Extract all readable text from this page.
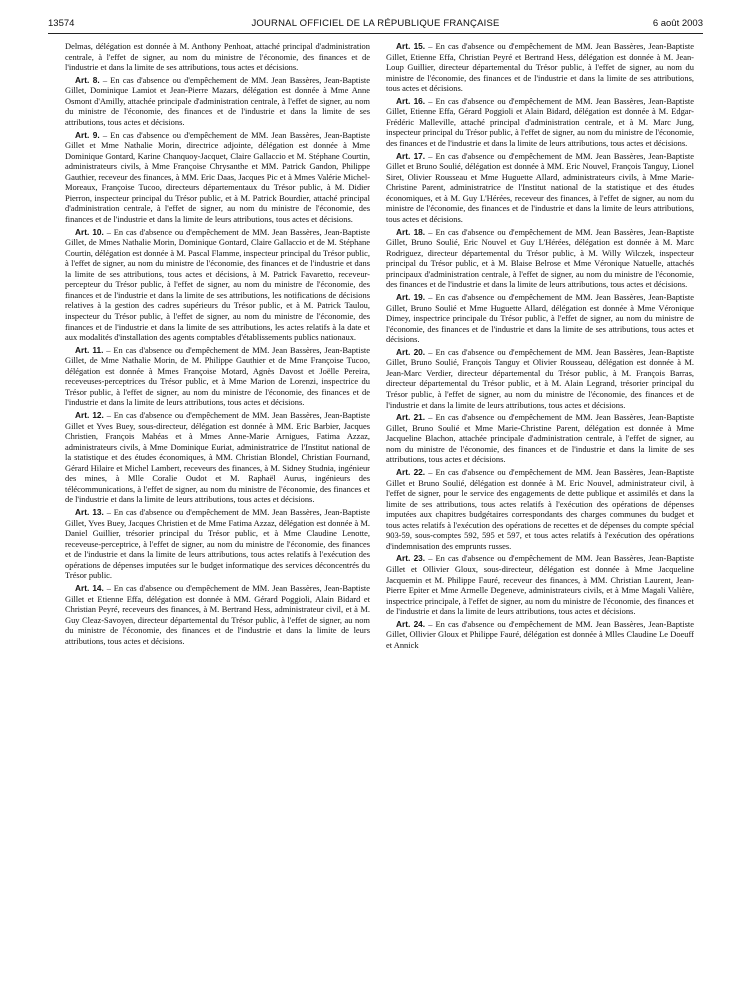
13574	JOURNAL OFFICIEL DE LA RÉPUBLIQUE FRANÇAISE	6 août 2003

Delmas, délégation est donnée à M. Anthony Penhoat, attaché principal d'administration centrale, à l'effet de signer, au nom du ministre de l'économie, des finances et de l'industrie et dans la limite de ses attributions, tous actes et décisions.

Art. 8. – En cas d'absence ou d'empêchement de MM. Jean Bassères, Jean-Baptiste Gillet, Dominique Lamiot et Jean-Pierre Mazars, délégation est donnée à Mme Anne Osmont d'Amilly, attachée principale d'administration centrale, à l'effet de signer, au nom du ministre de l'économie, des finances et de l'industrie et dans la limite de ses attributions, tous actes et décisions.

Art. 9. – En cas d'absence ou d'empêchement de MM. Jean Bassères, Jean-Baptiste Gillet et Mme Nathalie Morin, directrice adjointe, délégation est donnée à Mme Dominique Gontard, Karine Chanquoy-Jacquet, Claire Gallaccio et M. Stéphane Courtin, administrateurs civils, à Mme Françoise Chrysanthe et MM. Patrick Gandon, Philippe Gauthier, receveur des finances, à MM. Eric Daas, Jacques Pic et à Mmes Valérie Michel-Moreaux, Françoise Tucoo, directeurs départementaux du Trésor public, à M. Didier Pierron, inspecteur principal du Trésor public, et à M. Patrick Bourdier, attaché principal d'administration centrale, à l'effet de signer, au nom du ministre de l'économie, des finances et de l'industrie et dans la limite de leurs attributions, tous actes et décisions.

Art. 10. – En cas d'absence ou d'empêchement de MM. Jean Bassères, Jean-Baptiste Gillet, de Mmes Nathalie Morin, Dominique Gontard, Claire Gallaccio et de M. Stéphane Courtin, délégation est donnée à M. Pascal Flamme, inspecteur principal du Trésor public, à l'effet de signer, au nom du ministre de l'économie, des finances et de l'industrie et dans la limite de ses attributions, tous actes et décisions, à M. Patrick Favaretto, receveur-percepteur du Trésor public, à l'effet de signer, au nom du ministre de l'économie, des finances et de l'industrie et dans la limite de ses attributions, les notifications de décisions relatives à la gestion des cadres supérieurs du Trésor public, et à M. Patrick Taulou, inspecteur du Trésor public, à l'effet de signer, au nom du ministre de l'économie, des finances et de l'industrie et dans la limite de ses attributions, les actes relatifs à la date et aux modalités d'installation des agents comptables d'établissements publics nationaux.

Art. 11. – En cas d'absence ou d'empêchement de MM. Jean Bassères, Jean-Baptiste Gillet, de Mme Nathalie Morin, de M. Philippe Gauthier et de Mme Françoise Tucoo, délégation est donnée à Mmes Françoise Motard, Agnès Davost et Joëlle Pereira, receveuses-perceptrices du Trésor public, et à Mme Marion de Lorenzi, inspectrice du Trésor public, à l'effet de signer, au nom du ministre de l'économie, des finances et de l'industrie et dans la limite de leurs attributions, tous actes et décisions.

Art. 12. – En cas d'absence ou d'empêchement de MM. Jean Bassères, Jean-Baptiste Gillet et Yves Buey, sous-directeur, délégation est donnée à MM. Eric Barbier, Jacques Christien, François Mahéas et à Mmes Anne-Marie Arnigues, Fatima Azzaz, administrateurs civils, à Mme Dominique Euriat, administratrice de l'Institut national de la statistique et des études économiques, à MM. Christian Blondel, Christian Fournand, Gérard Hilaire et Michel Lambert, receveurs des finances, à M. Sidney Studnia, ingénieur des mines, à Mlle Coralie Oudot et M. Raphaël Aurus, ingénieurs des télécommunications, à l'effet de signer, au nom du ministre de l'économie, des finances et de l'industrie et dans la limite de leurs attributions, tous actes et décisions.

Art. 13. – En cas d'absence ou d'empêchement de MM. Jean Bassères, Jean-Baptiste Gillet, Yves Buey, Jacques Christien et de Mme Fatima Azzaz, délégation est donnée à M. Daniel Guillier, trésorier principal du Trésor public, et à Mme Claudine Lenotte, receveuse-perceptrice, à l'effet de signer, au nom du ministre de l'économie, des finances et de l'industrie et dans la limite de leurs attributions, tous actes relatifs à l'exécution des opérations de dépenses imputées sur le budget informatique des services déconcentrés du Trésor public.

Art. 14. – En cas d'absence ou d'empêchement de MM. Jean Bassères, Jean-Baptiste Gillet et Etienne Effa, délégation est donnée à MM. Gérard Poggioli, Alain Bidard et Christian Peyré, receveurs des finances, à M. Bertrand Hess, administrateur civil, et à M. Guy Cleaz-Savoyen, directeur départemental du Trésor public, à l'effet de signer, au nom du ministre de l'économie, des finances et de l'industrie et dans la limite de leurs attributions, tous actes et décisions.

Art. 15. – En cas d'absence ou d'empêchement de MM. Jean Bassères, Jean-Baptiste Gillet, Etienne Effa, Christian Peyré et Bertrand Hess, délégation est donnée à M. Jean-Loup Guillier, directeur départemental du Trésor public, à l'effet de signer, au nom du ministre de l'économie, des finances et de l'industrie et dans la limite de ses attributions, tous actes et décisions.

Art. 16. – En cas d'absence ou d'empêchement de MM. Jean Bassères, Jean-Baptiste Gillet, Etienne Effa, Gérard Poggioli et Alain Bidard, délégation est donnée à M. Edgar-Frédéric Malleville, attaché principal d'administration centrale, et à M. Marc Jung, inspecteur principal du Trésor public, à l'effet de signer, au nom du ministre de l'économie, des finances et de l'industrie et dans la limite de leurs attributions, tous actes et décisions.

Art. 17. – En cas d'absence ou d'empêchement de MM. Jean Bassères, Jean-Baptiste Gillet et Bruno Soulié, délégation est donnée à MM. Eric Nouvel, François Tanguy, Lionel Siret, Olivier Rousseau et Mme Huguette Allard, administrateurs civils, à Mme Marie-Christine Parent, administratrice de l'Institut national de la statistique et des études économiques, et à M. Guy L'Hérées, receveur des finances, à l'effet de signer, au nom du ministre de l'économie, des finances et de l'industrie et dans la limite de leurs attributions, tous actes et décisions.

Art. 18. – En cas d'absence ou d'empêchement de MM. Jean Bassères, Jean-Baptiste Gillet, Bruno Soulié, Eric Nouvel et Guy L'Hérées, délégation est donnée à M. Marc Rodriguez, directeur départemental du Trésor public, à M. Willy Wilczek, inspecteur principal du Trésor public, et à M. Blaise Belrose et Mme Véronique Natuelle, attachés principaux d'administration centrale, à l'effet de signer, au nom du ministre de l'économie, des finances et de l'industrie et dans la limite de leurs attributions, tous actes et décisions.

Art. 19. – En cas d'absence ou d'empêchement de MM. Jean Bassères, Jean-Baptiste Gillet, Bruno Soulié et Mme Huguette Allard, délégation est donnée à Mme Véronique Dimey, inspectrice principale du Trésor public, à l'effet de signer, au nom du ministre de l'économie, des finances et de l'industrie et dans la limite de ses attributions, tous actes et décisions.

Art. 20. – En cas d'absence ou d'empêchement de MM. Jean Bassères, Jean-Baptiste Gillet, Bruno Soulié, François Tanguy et Olivier Rousseau, délégation est donnée à M. Jean-Marc Verdier, directeur départemental du Trésor public, à M. François Barras, directeur départemental du Trésor public, et à M. Alain Legrand, trésorier principal du Trésor public, à l'effet de signer, au nom du ministre de l'économie, des finances et de l'industrie et dans la limite de leurs attributions, tous actes et décisions.

Art. 21. – En cas d'absence ou d'empêchement de MM. Jean Bassères, Jean-Baptiste Gillet, Bruno Soulié et Mme Marie-Christine Parent, délégation est donnée à Mme Jacqueline Blachon, attachée principale d'administration centrale, à l'effet de signer, au nom du ministre de l'économie, des finances et de l'industrie et dans la limite de ses attributions, tous actes et décisions.

Art. 22. – En cas d'absence ou d'empêchement de MM. Jean Bassères, Jean-Baptiste Gillet et Bruno Soulié, délégation est donnée à M. Eric Nouvel, administrateur civil, à l'effet de signer, pour le service des engagements de dette publique et assimilés et dans la limite de ses attributions, tous actes relatifs à l'exécution des opérations de dépenses imputées aux chapitres budgétaires correspondants des charges communes du budget et tous actes relatifs à l'exécution des opérations de recettes et de dépenses du compte spécial 903-59, sous-comptes 592, 595 et 597, et tous actes relatifs à l'exécution des opérations d'indemnisation des emprunts russes.

Art. 23. – En cas d'absence ou d'empêchement de MM. Jean Bassères, Jean-Baptiste Gillet et Ollivier Gloux, sous-directeur, délégation est donnée à Mme Jacqueline Jacquemin et M. Philippe Fauré, receveur des finances, à MM. Christian Laurent, Jean-Pierre Epiter et Mme Armelle Degeneve, administrateurs civils, et à Mme Magali Valière, inspectrice principale, à l'effet de signer, au nom du ministre de l'économie, des finances et de l'industrie et dans la limite de leurs attributions, tous actes et décisions.

Art. 24. – En cas d'absence ou d'empêchement de MM. Jean Bassères, Jean-Baptiste Gillet, Ollivier Gloux et Philippe Fauré, délégation est donnée à Mlles Claudine Le Doeuff et Annick
